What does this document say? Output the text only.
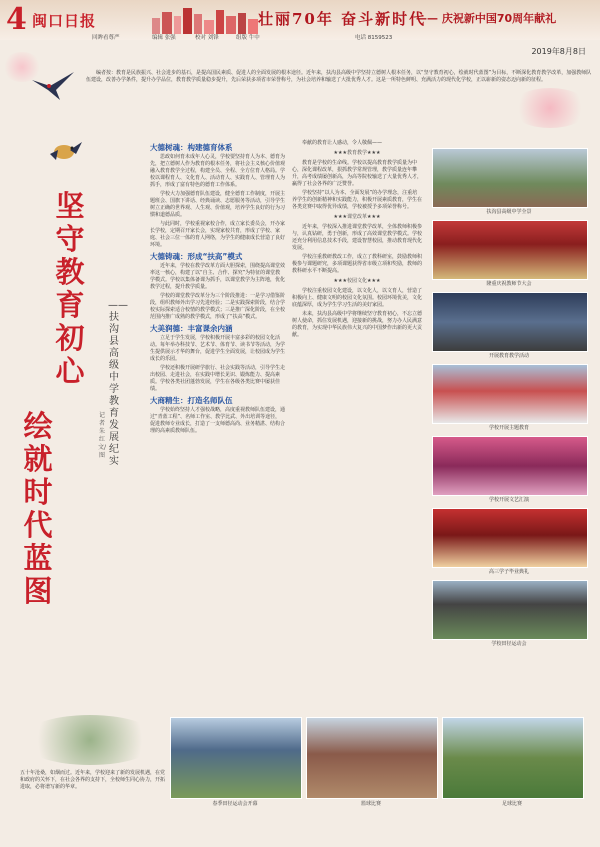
4 闽口日报	壮丽70年 奋斗新时代
—— 庆祝新中国70周年献礼
回眸看尊严	编辑 张强	校对 刘锋	组版 牛中	电话 8159523
2019年8月8日
编者按：教育是民族振兴、社会进步的基石，是提高国民素质、促进人的全面发展的根本途径。近年来，扶沟县高级中学坚持立德树人根本任务，以“坚守教育初心，绘就时代蓝图”为目标，不断深化教育教学改革，加强教师队伍建设，改善办学条件，提升办学品位，教育教学质量稳步提升，先后荣获多项省市荣誉称号，为社会培养和输送了大批优秀人才。这是一所特色鲜明、充满活力的现代化学校，正以崭新的姿态迈向新的征程。
坚
守
教
育
初
心
绘
就
时
代
蓝
图
——扶沟县高级中学教育发展纪实
记者 朱红 文/图
大德树魂：构建德育体系

思政如何育未成年人心灵，学校要坚持育人为本、德育为先，把立德树人作为教育的根本任务，将社会主义核心价值观融入教育教学全过程，构建全员、全程、全方位育人格局。学校以课程育人、文化育人、活动育人、实践育人、管理育人为抓手，形成了富有特色的德育工作体系。

学校大力加强德育队伍建设，健全德育工作制度，开展主题班会、国旗下讲话、经典诵读、志愿服务等活动，引导学生树立正确的世界观、人生观、价值观，培养学生良好的行为习惯和道德品质。

与此同时，学校重视家校合作，成立家长委员会，开办家长学校，定期召开家长会，实现家校共育，形成了学校、家庭、社会三位一体的育人网络，为学生的健康成长营造了良好环境。

大德铸魂：形成“扶高”模式

近年来，学校在教学改革方面大胆探索，围绕提高课堂效率这一核心，构建了以“自主、合作、探究”为特征的课堂教学模式。学校以集体备课为抓手，以课堂教学为主阵地，优化教学过程，提升教学质量。

学校的课堂教学改革分为三个阶段推进：一是学习借鉴阶段，组织教师外出学习先进经验；二是实践探索阶段，结合学校实际探索适合校情的教学模式；三是推广深化阶段，在全校范围内推广成熟的教学模式，形成了“扶高”模式。

大美润德：丰富课余内涵

立足于学生发展，学校积极开展丰富多彩的校园文化活动。每年举办科技节、艺术节、体育节、读书节等活动，为学生提供展示才华的舞台，促进学生全面发展，让校园成为学生成长的乐园。

学校还积极开展研学旅行、社会实践等活动，引导学生走出校园、走进社会，在实践中增长见识、锻炼能力、提高素质。学校各类社团蓬勃发展，学生在各级各类比赛中屡获佳绩。

大商精生：打造名师队伍

学校始终坚持人才强校战略，高度重视教师队伍建设，通过“青蓝工程”、名师工作室、教学比武、外出培训等途径，促进教师专业成长，打造了一支师德高尚、业务精湛、结构合理的高素质教师队伍。

奉献的教育让人感动，令人敬佩——

★★★教育教学★★★

教育是学校的生命线。学校以提高教育教学质量为中心，深化课程改革，狠抓教学常规管理，教学质量连年攀升，高考成绩屡创新高，为高等院校输送了大量优秀人才，赢得了社会各界的广泛赞誉。

学校坚持“以人为本、全面发展”的办学理念，注重培养学生的创新精神和实践能力，积极开展素质教育，学生在各类竞赛中取得优异成绩，学校被授予多项荣誉称号。

★★★课堂改革★★★

近年来，学校深入推进课堂教学改革，全体教师积极参与，认真钻研，勇于创新，形成了高效课堂教学模式。学校还充分利用信息技术手段，建设智慧校园，推动教育现代化发展。

学校注重教研教改工作，成立了教科研室，鼓励教师积极参与课题研究，多项课题获得省市级立项和奖励，教师的教科研水平不断提高。

★★★校园文化★★★

学校注重校园文化建设，以文化人，以文育人，营造了积极向上、健康文明的校园文化氛围。校园环境优美，文化底蕴深厚，成为学生学习生活的美好家园。

未来，扶沟县高级中学将继续坚守教育初心，不忘立德树人使命，抓住发展机遇，迎接新的挑战，努力办人民满意的教育，为实现中华民族伟大复兴的中国梦作出新的更大贡献。

扶沟县高级中学全景
隆重庆祝教师节大会
开展教育教学活动
学校开展主题教育
学校开展文艺汇演
高三学子毕业典礼
学校田径运动会
春季田径运动会开幕	篮球比赛	足球比赛
五十年沧桑，如烟而过。近年来，学校迎来了新的发展机遇，在党和政府的关怀下，在社会各界的支持下，全校师生同心协力，开拓进取，必将谱写新的华章。
